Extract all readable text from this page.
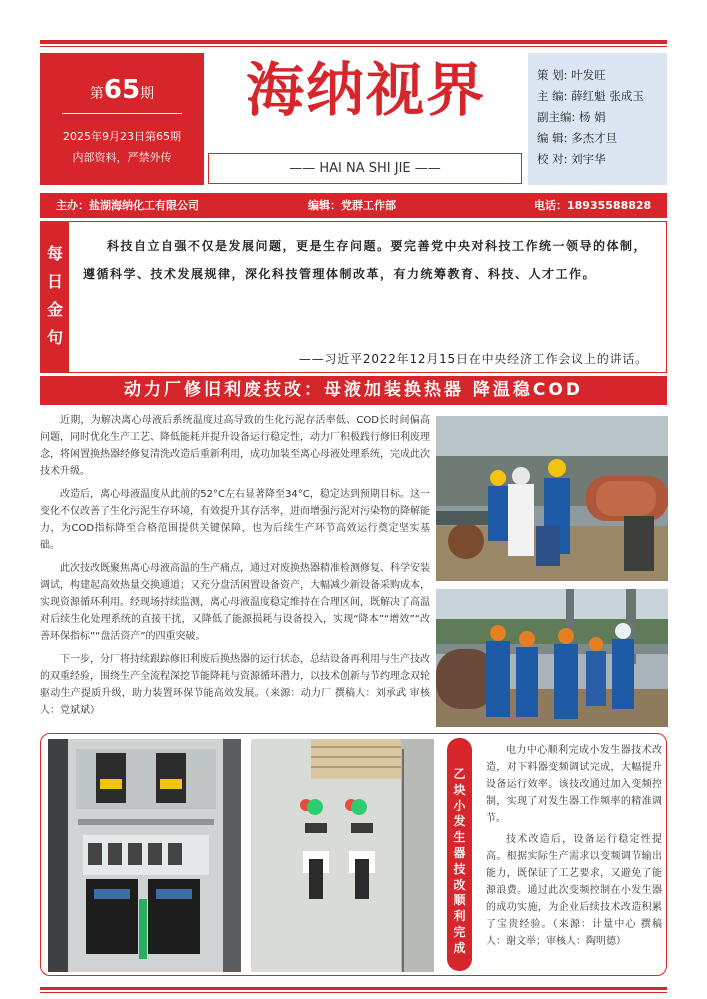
第65期
2025年9月23日第65期
内部资料，严禁外传
海纳视界
—— HAI NA SHI JIE ——
策 划: 叶发旺
主 编: 薛红魁 张成玉
副主编: 杨 娟
编 辑: 多杰才旦
校 对: 刘宇华
主办：盐湖海纳化工有限公司	编辑：党群工作部	电话：18935588828
每日金句
科技自立自强不仅是发展问题，更是生存问题。要完善党中央对科技工作统一领导的体制，遵循科学、技术发展规律，深化科技管理体制改革，有力统筹教育、科技、人才工作。
——习近平2022年12月15日在中央经济工作会议上的讲话。
动力厂修旧利废技改：母液加装换热器 降温稳COD

近期，为解决离心母液后系统温度过高导致的生化污泥存活率低、COD长时间偏高问题，同时优化生产工艺、降低能耗并提升设备运行稳定性，动力厂积极践行修旧利废理念，将闲置换热器经修复清洗改造后重新利用，成功加装至离心母液处理系统，完成此次技术升级。

改造后，离心母液温度从此前的52°C左右显著降至34°C，稳定达到预期目标。这一变化不仅改善了生化污泥生存环境，有效提升其存活率，进而增强污泥对污染物的降解能力，为COD指标降至合格范围提供关键保障，也为后续生产环节高效运行奠定坚实基础。

此次技改既聚焦离心母液高温的生产痛点，通过对废换热器精准检测修复、科学安装调试，构建起高效热量交换通道；又充分盘活闲置设备资产，大幅减少新设备采购成本，实现资源循环利用。经现场持续监测，离心母液温度稳定维持在合理区间，既解决了高温对后续生化处理系统的直接干扰，又降低了能源损耗与设备投入，实现“降本”“增效”“改善环保指标”“盘活资产”的四重突破。

下一步，分厂将持续跟踪修旧利废后换热器的运行状态，总结设备再利用与生产技改的双重经验，围绕生产全流程深挖节能降耗与资源循环潜力，以技术创新与节约理念双轮驱动生产提质升级，助力装置环保节能高效发展。（来源：动力厂 撰稿人：刘承武 审核人：党斌斌）

乙块小发生器技改顺利完成

电力中心顺利完成小发生器技术改造，对下料器变频调试完成，大幅提升设备运行效率。该技改通过加入变频控制，实现了对发生器工作频率的精准调节。

技术改造后，设备运行稳定性提高。根据实际生产需求以变频调节输出能力，既保证了工艺要求，又避免了能源浪费。通过此次变频控制在小发生器的成功实施，为企业后续技术改造积累了宝贵经验。（来源：计量中心 撰稿人：谢文举；审核人：陶明德）
